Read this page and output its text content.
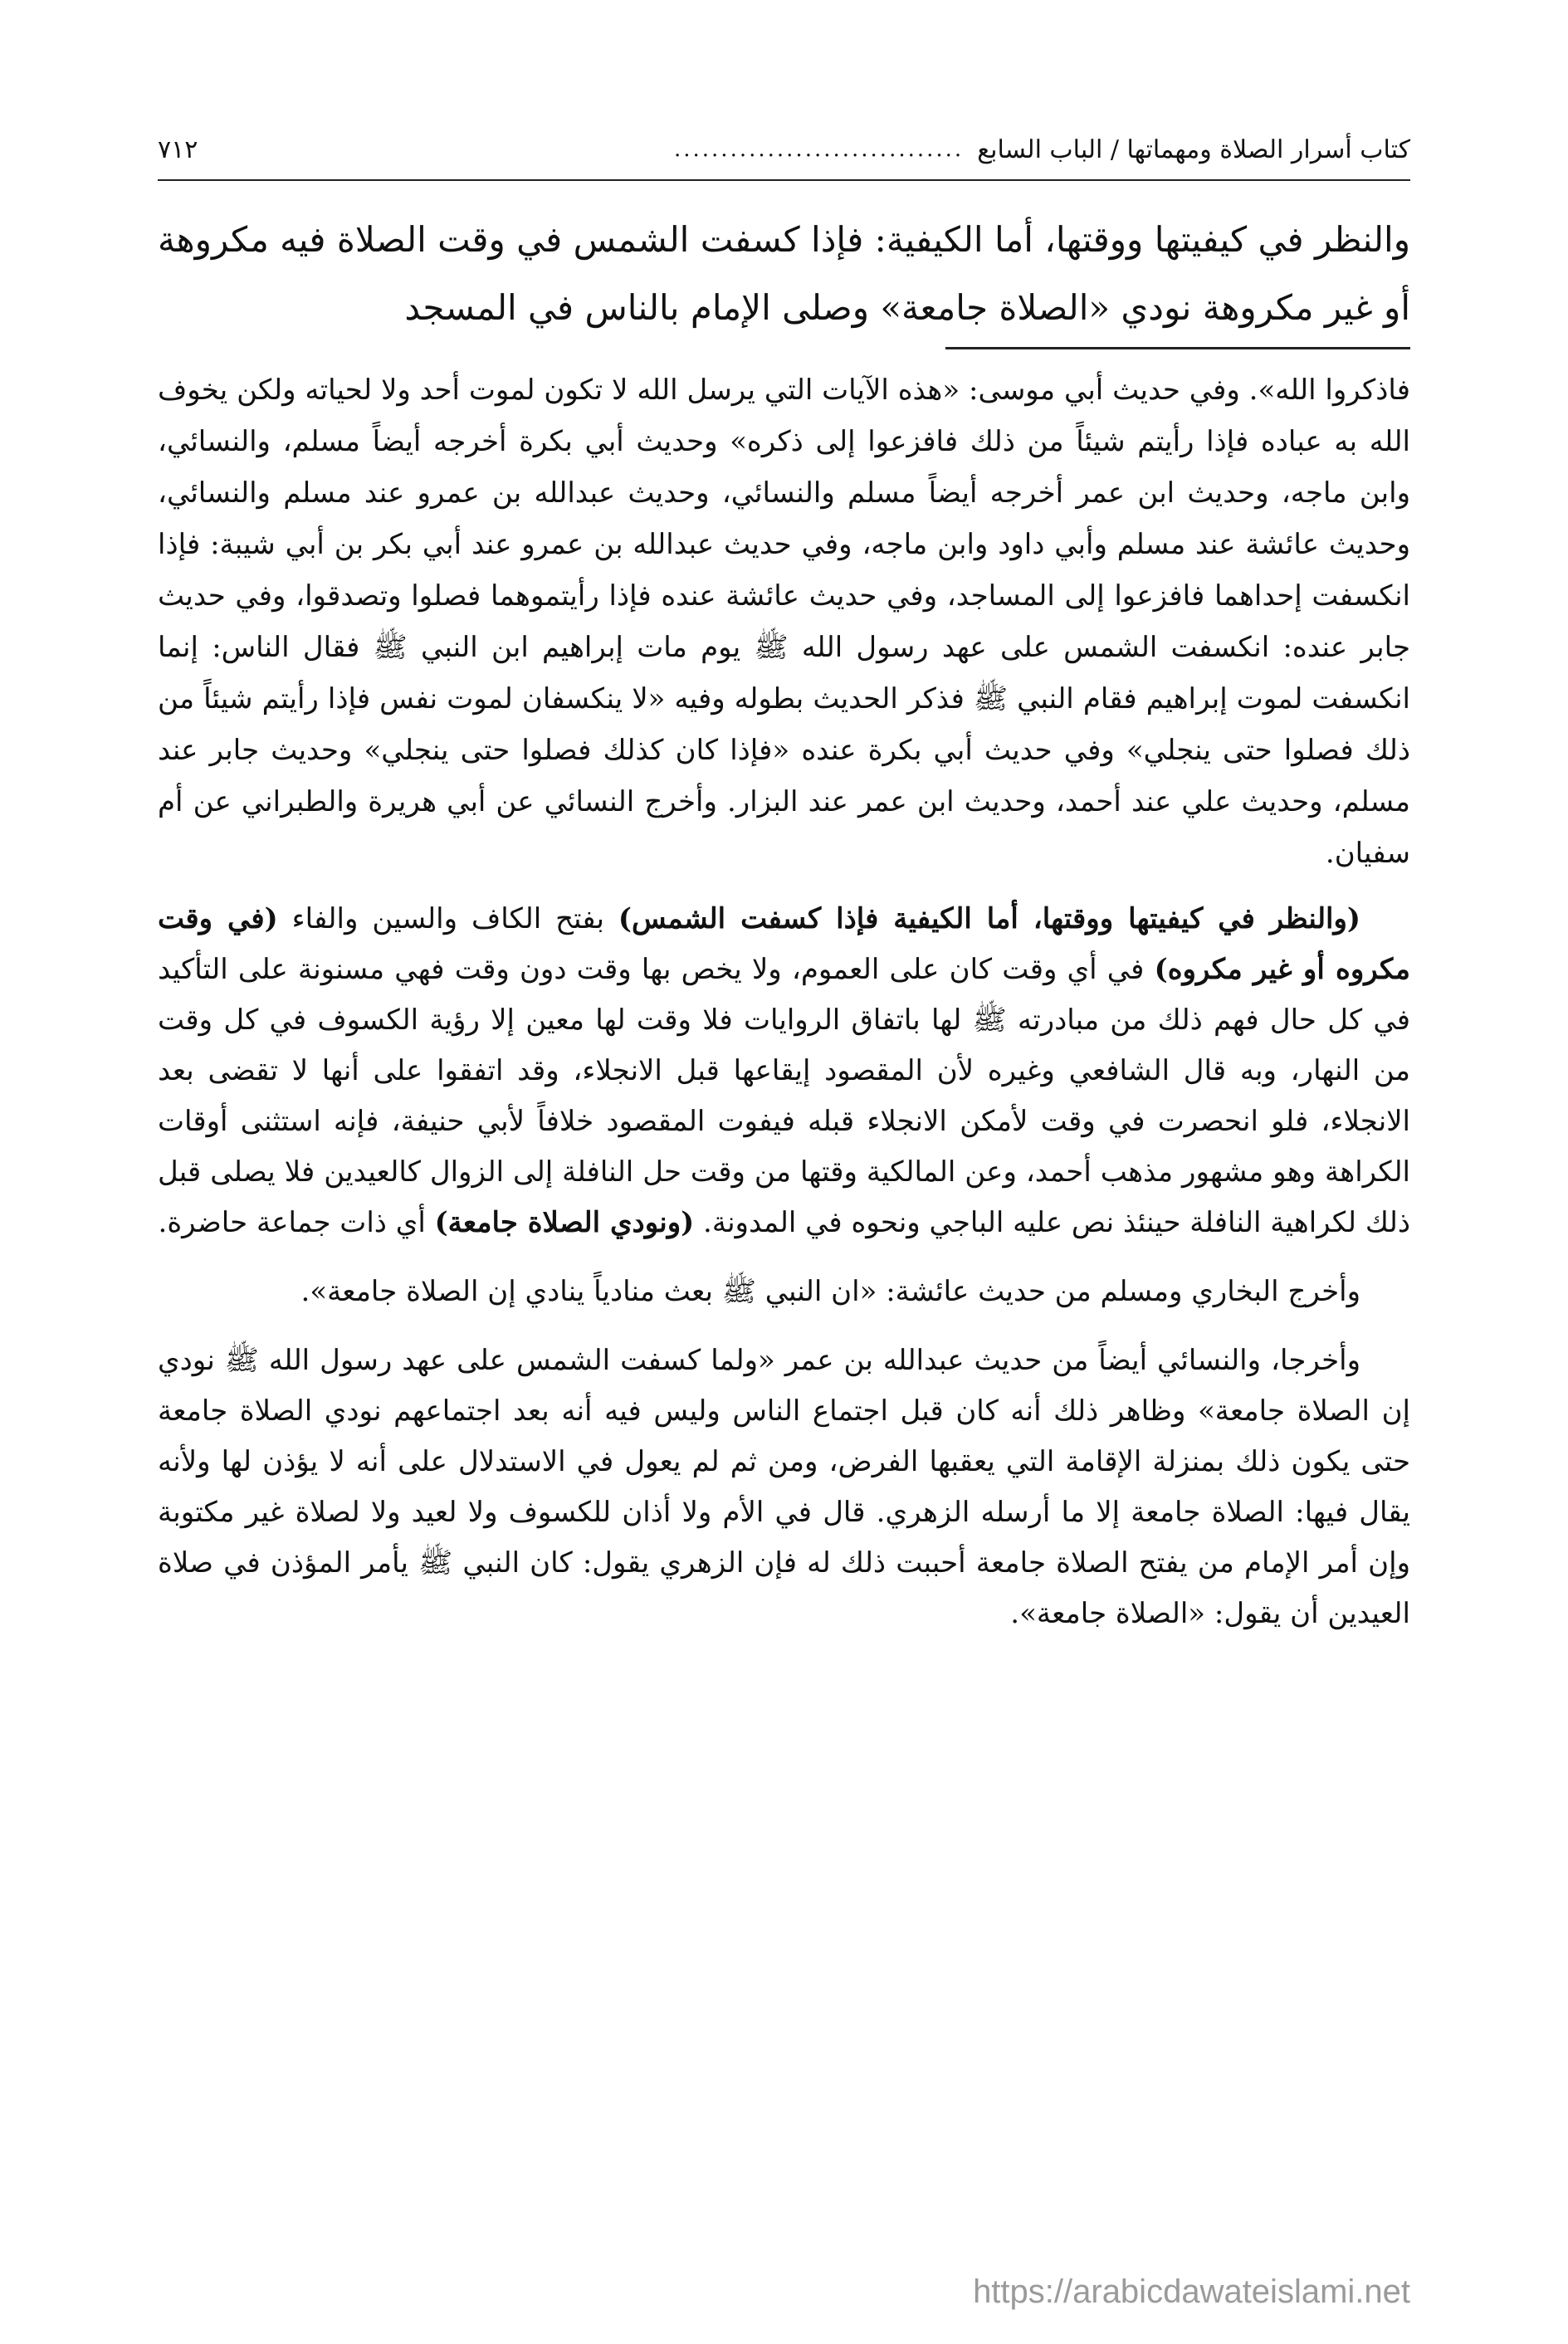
كتاب أسرار الصلاة ومهماتها / الباب السابع
...............................
٧١٢
والنظر في كيفيتها ووقتها، أما الكيفية: فإذا كسفت الشمس في وقت الصلاة فيه مكروهة أو غير مكروهة نودي «الصلاة جامعة» وصلى الإمام بالناس في المسجد
فاذكروا الله». وفي حديث أبي موسى: «هذه الآيات التي يرسل الله لا تكون لموت أحد ولا لحياته ولكن يخوف الله به عباده فإذا رأيتم شيئاً من ذلك فافزعوا إلى ذكره» وحديث أبي بكرة أخرجه أيضاً مسلم، والنسائي، وابن ماجه، وحديث ابن عمر أخرجه أيضاً مسلم والنسائي، وحديث عبدالله بن عمرو عند مسلم والنسائي، وحديث عائشة عند مسلم وأبي داود وابن ماجه، وفي حديث عبدالله بن عمرو عند أبي بكر بن أبي شيبة: فإذا انكسفت إحداهما فافزعوا إلى المساجد، وفي حديث عائشة عنده فإذا رأيتموهما فصلوا وتصدقوا، وفي حديث جابر عنده: انكسفت الشمس على عهد رسول الله ﷺ يوم مات إبراهيم ابن النبي ﷺ فقال الناس: إنما انكسفت لموت إبراهيم فقام النبي ﷺ فذكر الحديث بطوله وفيه «لا ينكسفان لموت نفس فإذا رأيتم شيئاً من ذلك فصلوا حتى ينجلي» وفي حديث أبي بكرة عنده «فإذا كان كذلك فصلوا حتى ينجلي» وحديث جابر عند مسلم، وحديث علي عند أحمد، وحديث ابن عمر عند البزار. وأخرج النسائي عن أبي هريرة والطبراني عن أم سفيان.

(والنظر في كيفيتها ووقتها، أما الكيفية فإذا كسفت الشمس) بفتح الكاف والسين والفاء (في وقت مكروه أو غير مكروه) في أي وقت كان على العموم، ولا يخص بها وقت دون وقت فهي مسنونة على التأكيد في كل حال فهم ذلك من مبادرته ﷺ لها باتفاق الروايات فلا وقت لها معين إلا رؤية الكسوف في كل وقت من النهار، وبه قال الشافعي وغيره لأن المقصود إيقاعها قبل الانجلاء، وقد اتفقوا على أنها لا تقضى بعد الانجلاء، فلو انحصرت في وقت لأمكن الانجلاء قبله فيفوت المقصود خلافاً لأبي حنيفة، فإنه استثنى أوقات الكراهة وهو مشهور مذهب أحمد، وعن المالكية وقتها من وقت حل النافلة إلى الزوال كالعيدين فلا يصلى قبل ذلك لكراهية النافلة حينئذ نص عليه الباجي ونحوه في المدونة. (ونودي الصلاة جامعة) أي ذات جماعة حاضرة.

وأخرج البخاري ومسلم من حديث عائشة: «ان النبي ﷺ بعث منادياً ينادي إن الصلاة جامعة».

وأخرجا، والنسائي أيضاً من حديث عبدالله بن عمر «ولما كسفت الشمس على عهد رسول الله ﷺ نودي إن الصلاة جامعة» وظاهر ذلك أنه كان قبل اجتماع الناس وليس فيه أنه بعد اجتماعهم نودي الصلاة جامعة حتى يكون ذلك بمنزلة الإقامة التي يعقبها الفرض، ومن ثم لم يعول في الاستدلال على أنه لا يؤذن لها ولأنه يقال فيها: الصلاة جامعة إلا ما أرسله الزهري. قال في الأم ولا أذان للكسوف ولا لعيد ولا لصلاة غير مكتوبة وإن أمر الإمام من يفتح الصلاة جامعة أحببت ذلك له فإن الزهري يقول: كان النبي ﷺ يأمر المؤذن في صلاة العيدين أن يقول: «الصلاة جامعة».

https://arabicdawateislami.net
